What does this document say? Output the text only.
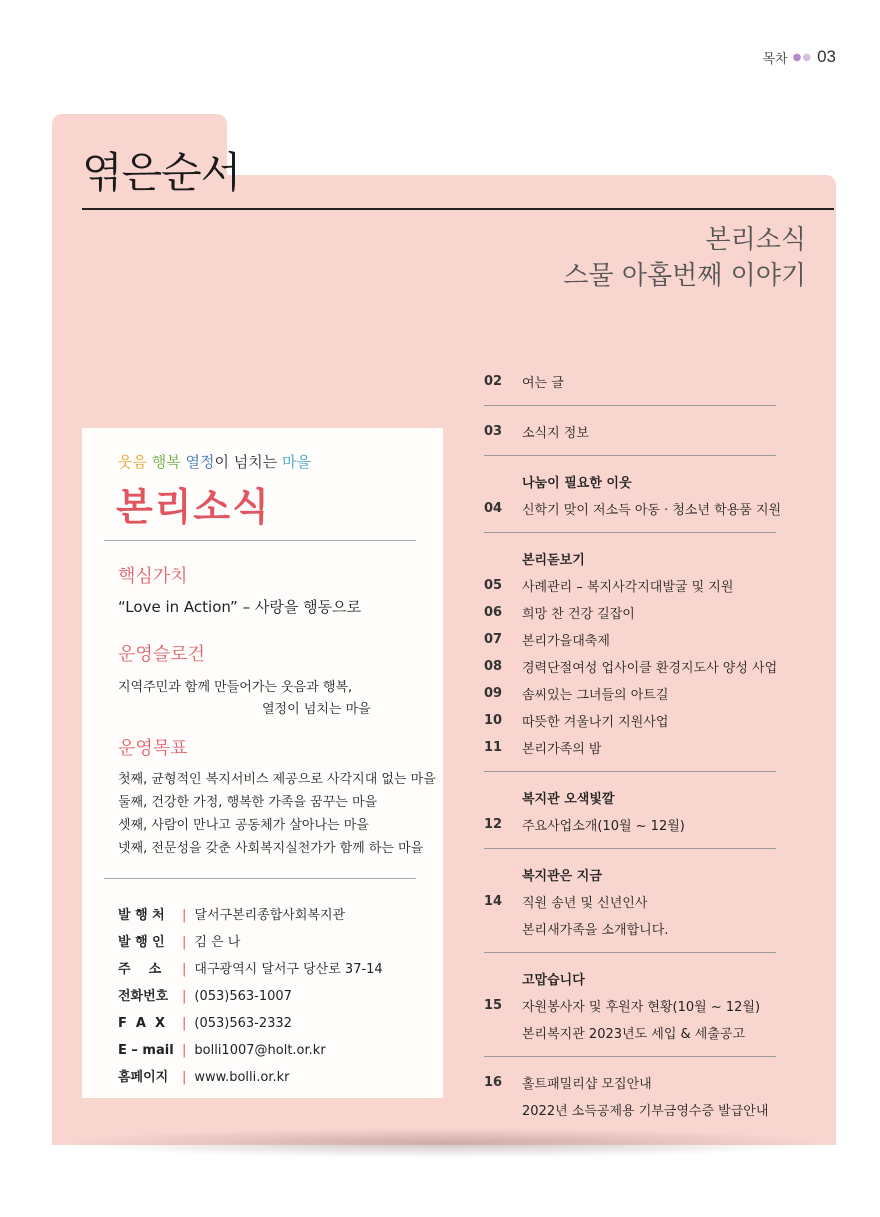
목차 ●● 03
엮은순서
본리소식
스물 아홉번째 이야기
웃음 행복 열정이 넘치는 마을
본리소식
핵심가치
“Love in Action” – 사랑을 행동으로
운영슬로건
지역주민과 함께 만들어가는 웃음과 행복,
열정이 넘치는 마을
운영목표
첫째, 균형적인 복지서비스 제공으로 사각지대 없는 마을
둘째, 건강한 가정, 행복한 가족을 꿈꾸는 마을
셋째, 사람이 만나고 공동체가 살아나는 마을
넷째, 전문성을 갖춘 사회복지실천가가 함께 하는 마을
발 행 처	| 달서구본리종합사회복지관
발 행 인	| 김 은 나
주    소	| 대구광역시 달서구 당산로 37-14
전화번호	| (053)563-1007
F  A  X	| (053)563-2332
E – mail | bolli1007@holt.or.kr
홈페이지	| www.bolli.or.kr
02	여는 글
03	소식지 정보
나눔이 필요한 이웃
04	신학기 맞이 저소득 아동 · 청소년 학용품 지원
본리돋보기
05	사례관리 – 복지사각지대발굴 및 지원
06	희망 찬 건강 길잡이
07	본리가을대축제
08	경력단절여성 업사이클 환경지도사 양성 사업
09	솜씨있는 그녀들의 아트길
10	따뜻한 겨울나기 지원사업
11	본리가족의 밤
복지관 오색빛깔
12	주요사업소개(10월 ~ 12월)
복지관은 지금
14	직원 송년 및 신년인사
본리새가족을 소개합니다.
고맙습니다
15	자원봉사자 및 후원자 현황(10월 ~ 12월)
본리복지관 2023년도 세입 & 세출공고
16	홀트패밀리샵 모집안내
2022년 소득공제용 기부금영수증 발급안내
